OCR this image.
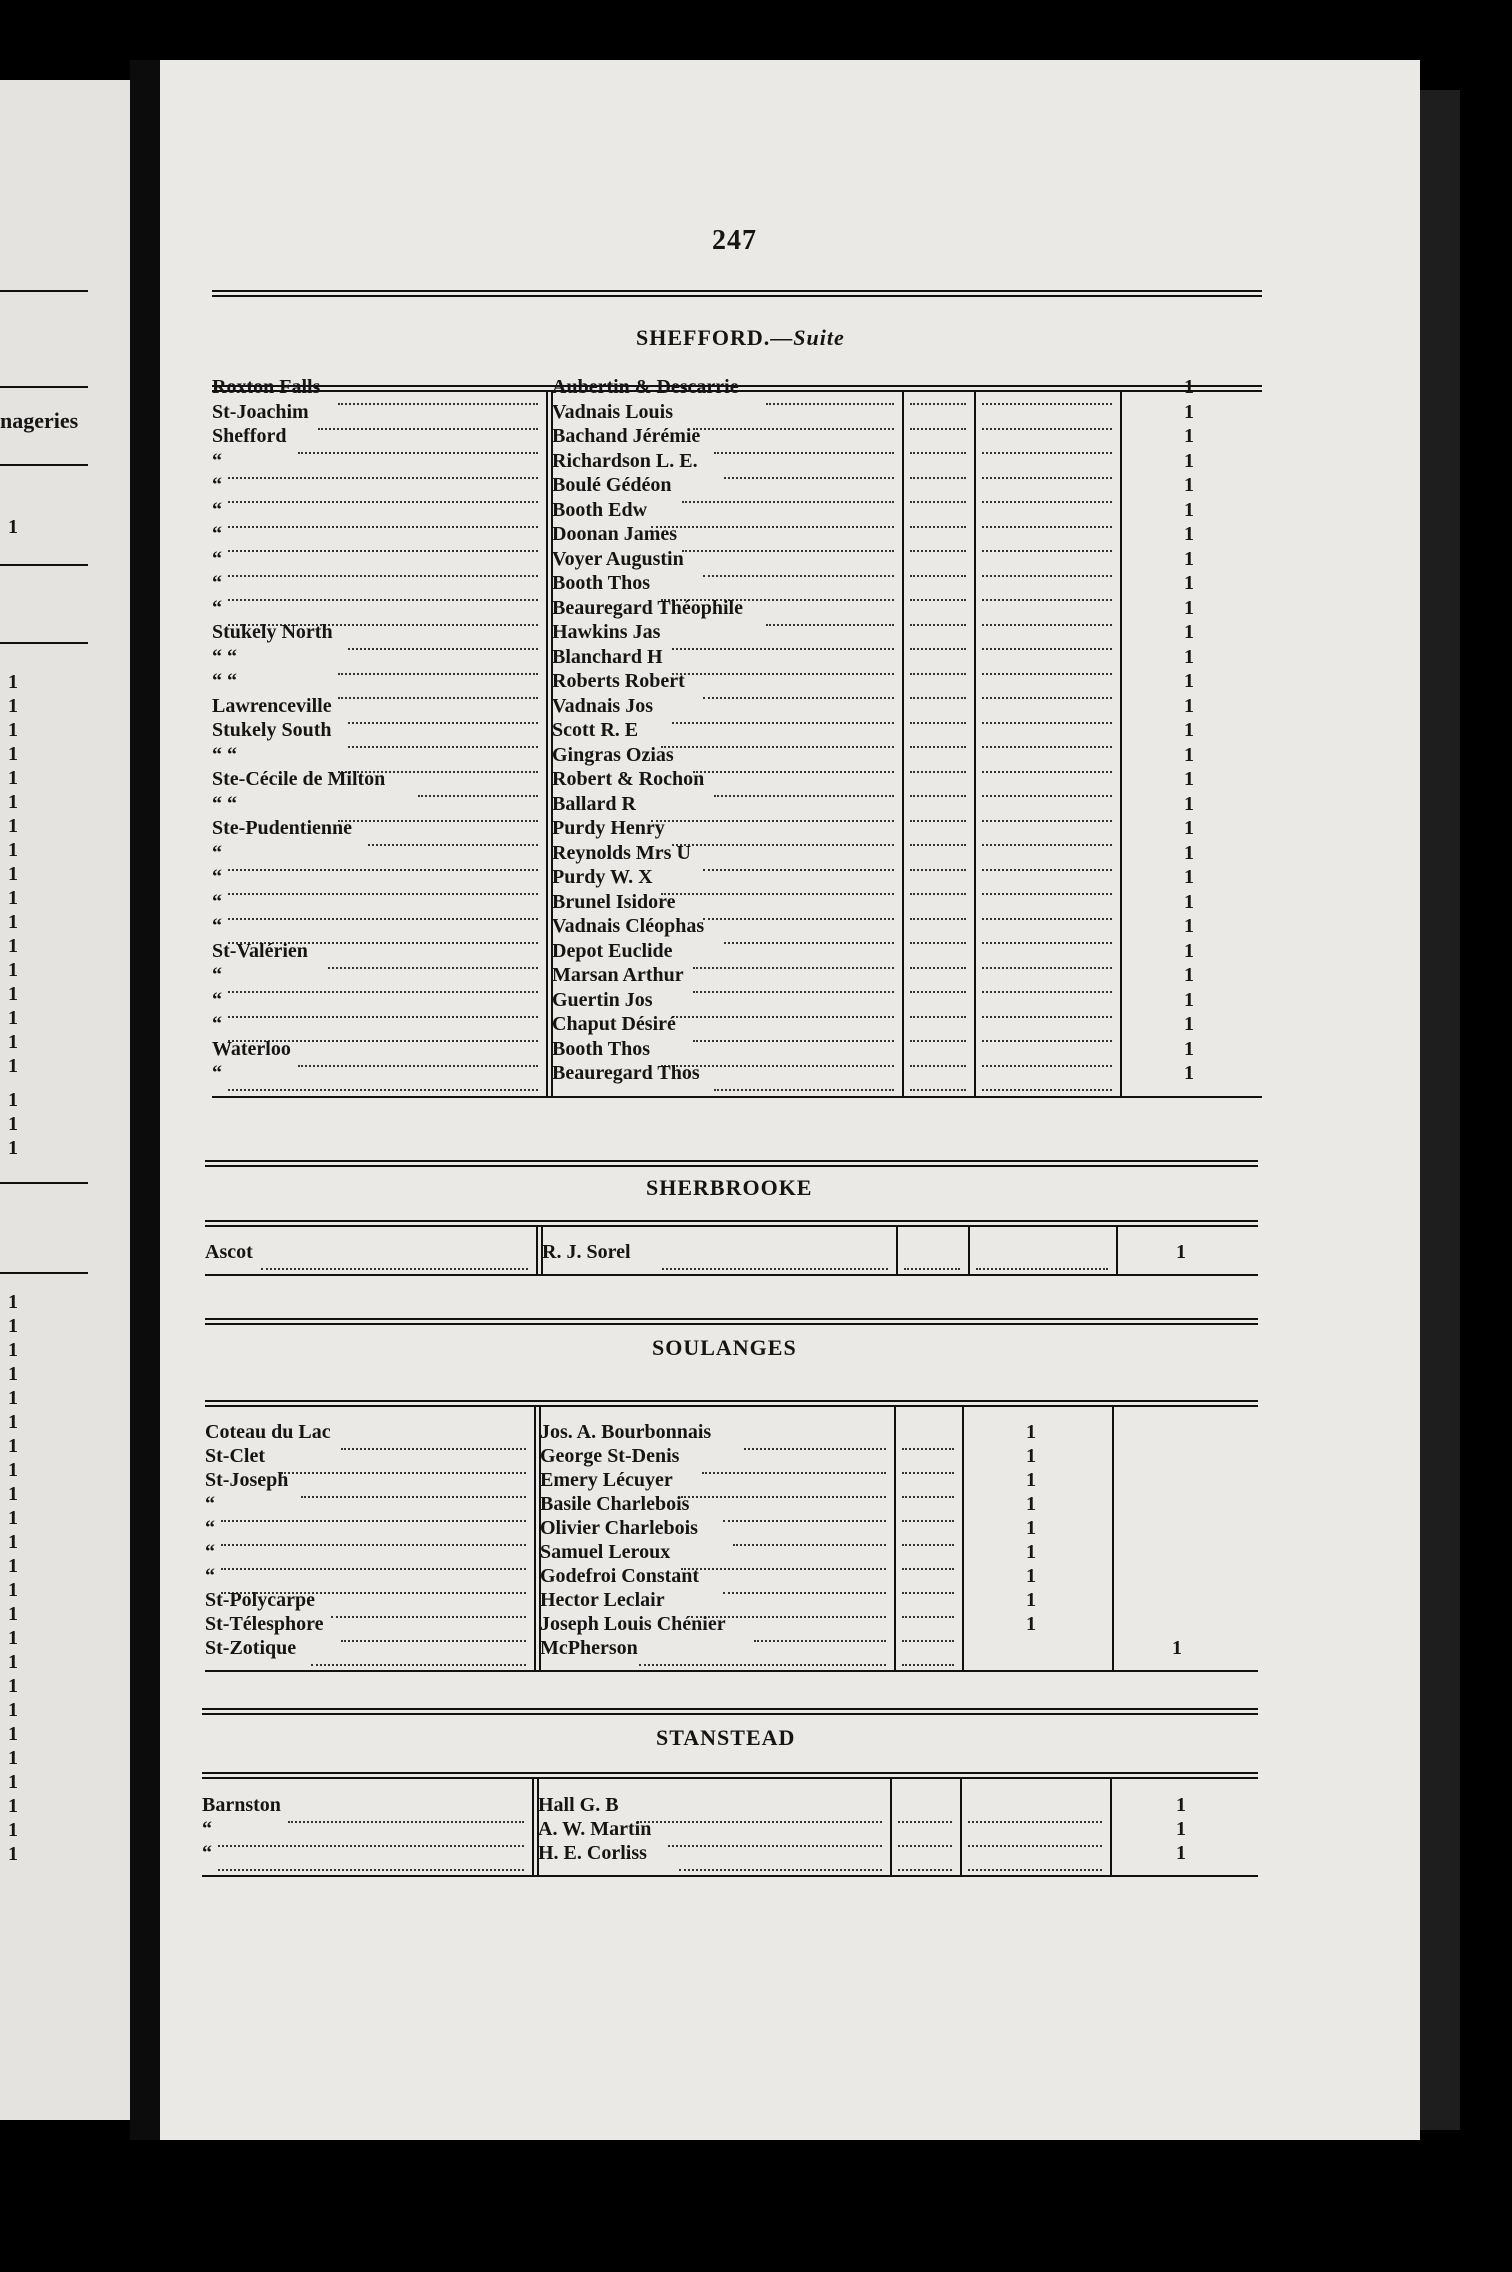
nageries
1
1
1
1
1
1
1
1
1
1
1
1
1
1
1
1
1
1
1
1
1
1
1
1
1
1
1
1
1
1
1
1
1
1
1
1
1
1
1
1
1
1
1
1
1
247
SHEFFORD.—Suite
Roxton Falls	Aubertin & Descarrie	1
St-Joachim	Vadnais Louis	1
Shefford	Bachand Jérémie	1
“	Richardson L. E.	1
“	Boulé Gédéon	1
“	Booth Edw	1
“	Doonan James	1
“	Voyer Augustin	1
“	Booth Thos	1
“	Beauregard Théophile	1
Stukely North	Hawkins Jas	1
“ “	Blanchard H	1
“ “	Roberts Robert	1
Lawrenceville	Vadnais Jos	1
Stukely South	Scott R. E	1
“ “	Gingras Ozias	1
Ste-Cécile de Milton	Robert & Rochon	1
“ “	Ballard R	1
Ste-Pudentienne	Purdy Henry	1
“	Reynolds Mrs U	1
“	Purdy W. X	1
“	Brunel Isidore	1
“	Vadnais Cléophas	1
St-Valérien	Depot Euclide	1
“	Marsan Arthur	1
“	Guertin Jos	1
“	Chaput Désiré	1
Waterloo	Booth Thos	1
“	Beauregard Thos	1
SHERBROOKE
Ascot	R. J. Sorel	1
SOULANGES
Coteau du Lac	Jos. A. Bourbonnais	1
St-Clet	George St-Denis	1
St-Joseph	Emery Lécuyer	1
“	Basile Charlebois	1
“	Olivier Charlebois	1
“	Samuel Leroux	1
“	Godefroi Constant	1
St-Polycarpe	Hector Leclair	1
St-Télesphore	Joseph Louis Chénier	1
St-Zotique	McPherson	1
STANSTEAD
Barnston	Hall G. B	1
“	A. W. Martin	1
“	H. E. Corliss	1
